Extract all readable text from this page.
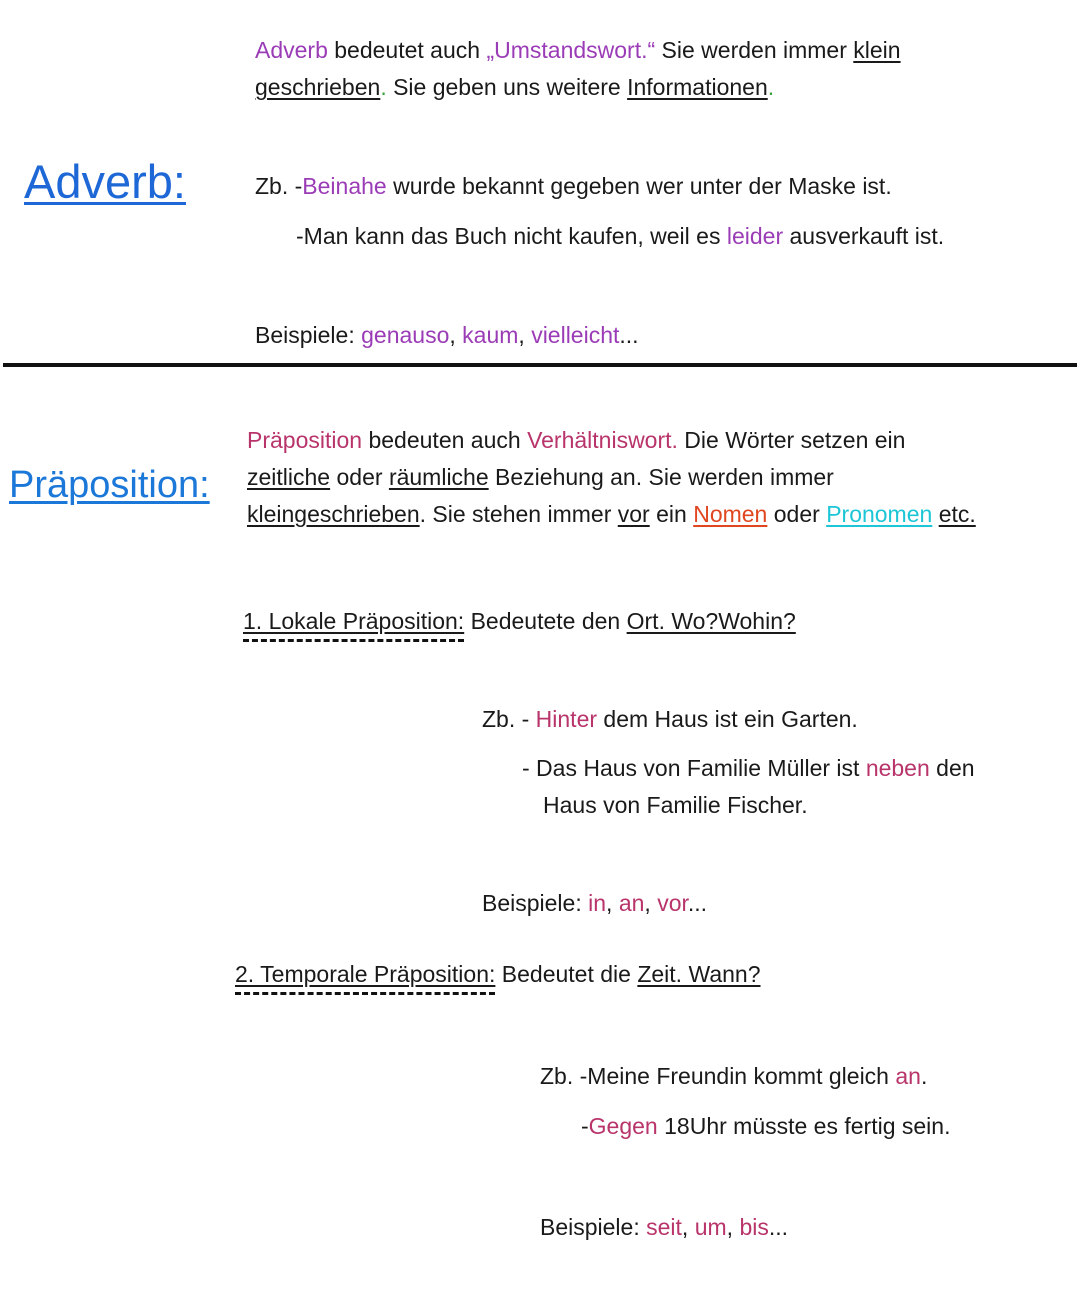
Adverb bedeutet auch „Umstandswort.“ Sie werden immer klein
geschrieben. Sie geben uns weitere Informationen.
Adverb:	Zb. -Beinahe wurde bekannt gegeben wer unter der Maske ist.
-Man kann das Buch nicht kaufen, weil es leider ausverkauft ist.
Beispiele: genauso, kaum, vielleicht...
Präposition bedeuten auch Verhältniswort. Die Wörter setzen ein
zeitliche oder räumliche Beziehung an. Sie werden immer
kleingeschrieben. Sie stehen immer vor ein Nomen oder Pronomen etc.
Präposition:
1. Lokale Präposition: Bedeutete den Ort. Wo?Wohin?
Zb. - Hinter dem Haus ist ein Garten.
- Das Haus von Familie Müller ist neben den
Haus von Familie Fischer.
Beispiele: in, an, vor...
2. Temporale Präposition: Bedeutet die Zeit. Wann?
Zb. -Meine Freundin kommt gleich an.
-Gegen 18Uhr müsste es fertig sein.
Beispiele: seit, um, bis...
